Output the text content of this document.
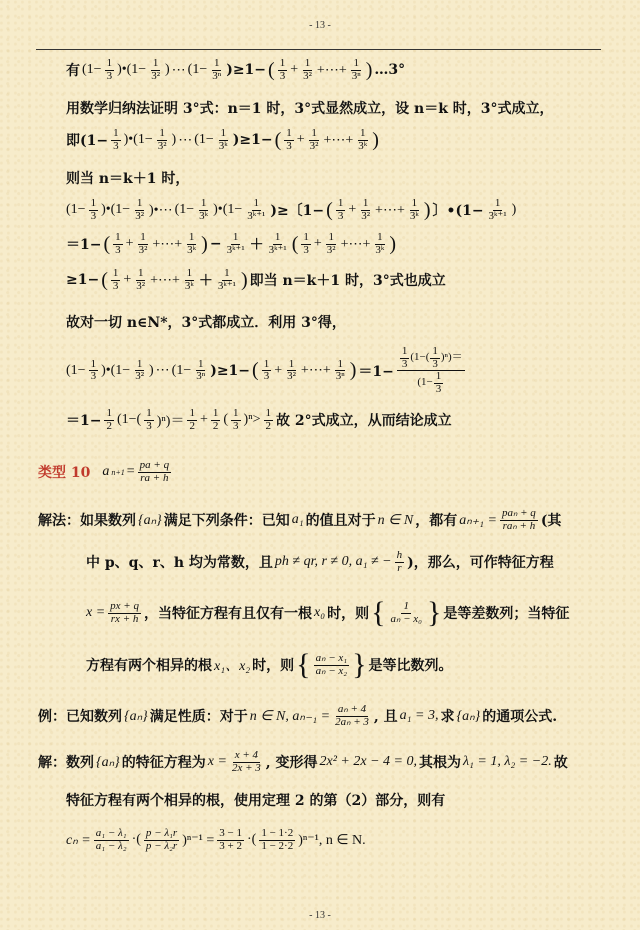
- 13 -
有 ($1- \frac{1}{3}$ )•(1− $\frac{1}{\text{3²}}$ ) ⋯ $(1- \frac{1}{\text{3ⁿ}} )\ge 1-$ ( $\frac{1}{3} + \frac{1}{\text{3²}}$ +⋯+ $\frac{1}{\text{3ⁿ}}$ ) …3°
用数学归纳法证明 3°式：n＝1 时，3°式显然成立，设 n＝k 时，3°式成立，
即($1- \frac{1}{3}$ )•(1− $\frac{1}{\text{3²}}$ ) ⋯ $(1- \frac{1}{\text{3ᵏ}} )\ge 1-$ ( $\frac{1}{3} + \frac{1}{\text{3²}}$ +⋯+ $\frac{1}{\text{3ᵏ}}$ )
则当 n＝k＋1 时，
($1- \frac{1}{3}$ )•(1− $\frac{1}{\text{3²}}$ )•⋯ ($1- \frac{1}{\text{3ᵏ}}$ )•(1− $\frac{1}{\text{3ᵏ⁺¹}}$ )≥〔1− ( $\frac{1}{3} + \frac{1}{\text{3²}}$ +⋯+ $\frac{1}{\text{3ᵏ}}$ ) 〕•(1− $\frac{1}{\text{3ᵏ⁺¹}}$ )
＝1− ( $\frac{1}{3} + \frac{1}{\text{3²}}$ +⋯+ $\frac{1}{\text{3ᵏ}}$ ) − $\frac{1}{\text{3ᵏ⁺¹}} + \frac{1}{\text{3ᵏ⁺¹}}$ ( $\frac{1}{3} + \frac{1}{\text{3²}}$ +⋯+ $\frac{1}{\text{3ᵏ}}$ )
≥1− ( $\frac{1}{3} + \frac{1}{\text{3²}}$ +⋯+ $\frac{1}{\text{3ᵏ}} + \frac{1}{\text{3ᵏ⁺¹}}$ ) 即当 n＝k＋1 时，3°式也成立
故对一切 n∈N*，3°式都成立．利用 3°得，
($1- \frac{1}{3}$ )•(1− $\frac{1}{\text{3²}}$ ) ⋯ $(1- \frac{1}{\text{3ⁿ}} )\ge 1-$ ( $\frac{1}{3} + \frac{1}{\text{3²}}$ +⋯+ $\frac{1}{\text{3ⁿ}}$ ) $=1- \frac{\frac{1}{3} (1-( \frac{1}{3} )^n)=}{(1- \frac{1}{3}}$
$=1- \frac{1}{2} (1-( \frac{1}{3} )^n)= \frac{1}{2} + \frac{1}{2}$ ( $\frac{1}{3} )^n> \frac{1}{2}$ 故 2°式成立，从而结论成立
类型 10 a $n+1 = \frac{pa + q}{ra + h}$
解法：如果数列 {aₙ} 满足下列条件：已知 a₁ 的值且对于 n ∈ N ，都有 $a_{n+1} = \frac{\text{paₙ + q}}{\text{raₙ + h}}$ (其
中 p、q、r、h 均为常数，且 ph ≠ qr, r ≠ 0, a₁ ≠ − $\frac{h}{r}$ )，那么，可作特征方程
$x = \frac{px + q}{rx + h}$ ，当特征方程有且仅有一根 x₀ 时，则 { $\frac{1}{\text{aₙ − x₀}}$ } 是等差数列；当特征
方程有两个相异的根 x₁、x₂ 时，则 { $\frac{\text{aₙ − x₁}}{\text{aₙ − x₂}}$ } 是等比数列。
例：已知数列 {aₙ} 满足性质：对于 n ∈ N, $a_{n-1} = \frac{\text{aₙ + 4}}{\text{2aₙ + 3}}$ , 且 a₁ = 3, 求 {aₙ} 的通项公式.
解：数列 {aₙ} 的特征方程为 $x = \frac{x + 4}{2x + 3}$ , 变形得 2x² + 2x − 4 = 0, 其根为 λ₁ = 1, λ₂ = −2. 故
特征方程有两个相异的根，使用定理 2 的第（2）部分，则有
$c_n = \frac{\text{a₁ − λ₁}}{\text{a₁ − λ₂}}$ ·( $\frac{\text{p − λ₁r}}{\text{p − λ₂r}} )^{n-1} = \frac{3 - 1}{3 + 2}$ ·( $\frac{1 - 1\cdot 2}{1 - 2\cdot 2} )^{n-1}$, n ∈ N.
- 13 -
